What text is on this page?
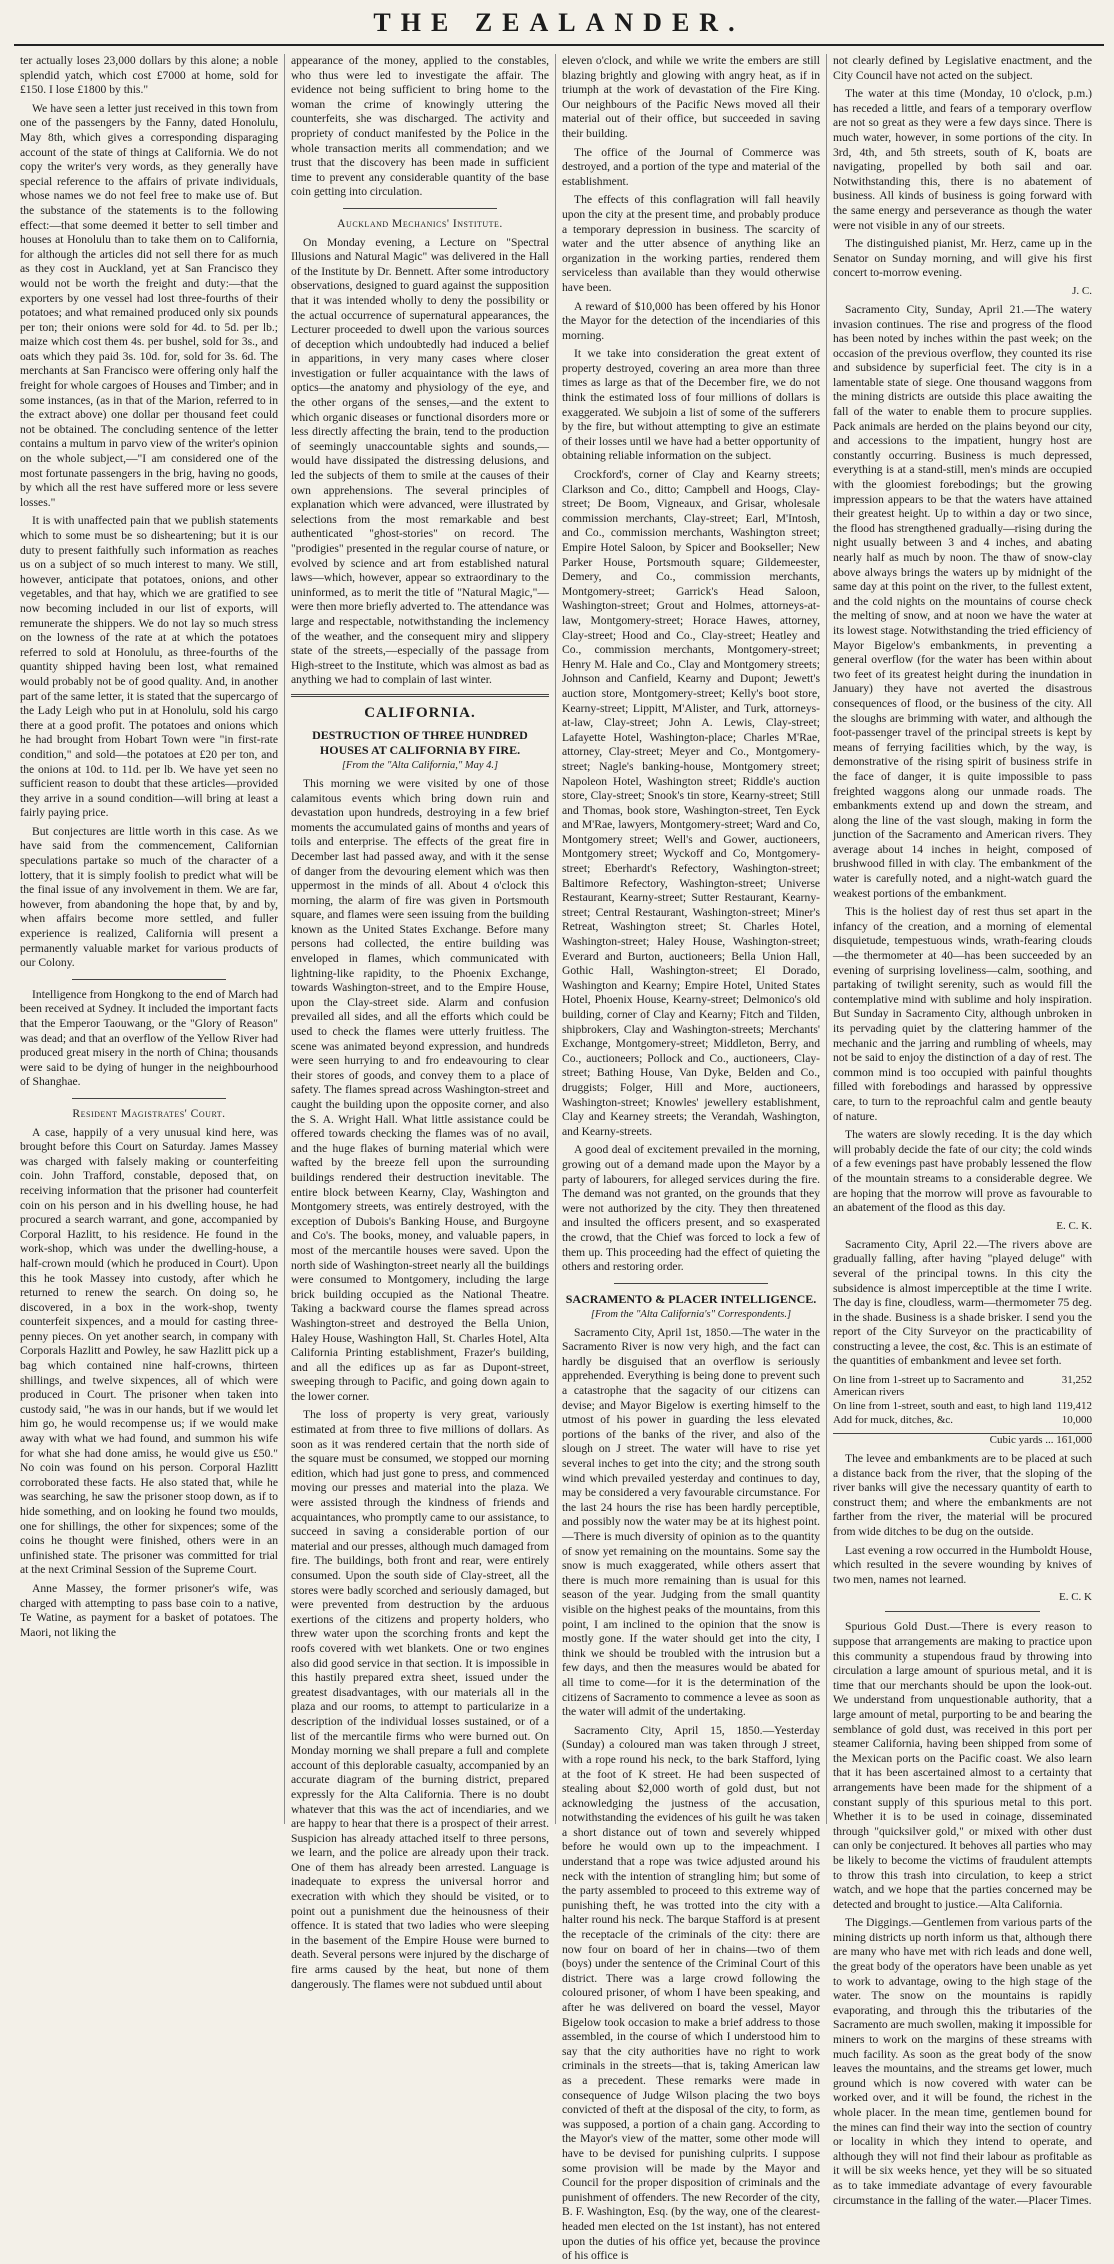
THE ZEALANDER.

ter actually loses 23,000 dollars by this alone; a noble splendid yatch, which cost £7000 at home, sold for £150. I lose £1800 by this."

We have seen a letter just received in this town from one of the passengers by the Fanny, dated Honolulu, May 8th, which gives a corresponding disparaging account of the state of things at California. We do not copy the writer's very words, as they generally have special reference to the affairs of private individuals, whose names we do not feel free to make use of. But the substance of the statements is to the following effect:—that some deemed it better to sell timber and houses at Honolulu than to take them on to California, for although the articles did not sell there for as much as they cost in Auckland, yet at San Francisco they would not be worth the freight and duty:—that the exporters by one vessel had lost three-fourths of their potatoes; and what remained produced only six pounds per ton; their onions were sold for 4d. to 5d. per lb.; maize which cost them 4s. per bushel, sold for 3s., and oats which they paid 3s. 10d. for, sold for 3s. 6d. The merchants at San Francisco were offering only half the freight for whole cargoes of Houses and Timber; and in some instances, (as in that of the Marion, referred to in the extract above) one dollar per thousand feet could not be obtained. The concluding sentence of the letter contains a multum in parvo view of the writer's opinion on the whole subject,—"I am considered one of the most fortunate passengers in the brig, having no goods, by which all the rest have suffered more or less severe losses."

It is with unaffected pain that we publish statements which to some must be so disheartening; but it is our duty to present faithfully such information as reaches us on a subject of so much interest to many. We still, however, anticipate that potatoes, onions, and other vegetables, and that hay, which we are gratified to see now becoming included in our list of exports, will remunerate the shippers. We do not lay so much stress on the lowness of the rate at at which the potatoes referred to sold at Honolulu, as three-fourths of the quantity shipped having been lost, what remained would probably not be of good quality. And, in another part of the same letter, it is stated that the supercargo of the Lady Leigh who put in at Honolulu, sold his cargo there at a good profit. The potatoes and onions which he had brought from Hobart Town were "in first-rate condition," and sold—the potatoes at £20 per ton, and the onions at 10d. to 11d. per lb. We have yet seen no sufficient reason to doubt that these articles—provided they arrive in a sound condition—will bring at least a fairly paying price.

But conjectures are little worth in this case. As we have said from the commencement, Californian speculations partake so much of the character of a lottery, that it is simply foolish to predict what will be the final issue of any involvement in them. We are far, however, from abandoning the hope that, by and by, when affairs become more settled, and fuller experience is realized, California will present a permanently valuable market for various products of our Colony.

Intelligence from Hongkong to the end of March had been received at Sydney. It included the important facts that the Emperor Taouwang, or the "Glory of Reason" was dead; and that an overflow of the Yellow River had produced great misery in the north of China; thousands were said to be dying of hunger in the neighbourhood of Shanghae.

Resident Magistrates' Court.

A case, happily of a very unusual kind here, was brought before this Court on Saturday. James Massey was charged with falsely making or counterfeiting coin. John Trafford, constable, deposed that, on receiving information that the prisoner had counterfeit coin on his person and in his dwelling house, he had procured a search warrant, and gone, accompanied by Corporal Hazlitt, to his residence. He found in the work-shop, which was under the dwelling-house, a half-crown mould (which he produced in Court). Upon this he took Massey into custody, after which he returned to renew the search. On doing so, he discovered, in a box in the work-shop, twenty counterfeit sixpences, and a mould for casting three-penny pieces. On yet another search, in company with Corporals Hazlitt and Powley, he saw Hazlitt pick up a bag which contained nine half-crowns, thirteen shillings, and twelve sixpences, all of which were produced in Court. The prisoner when taken into custody said, "he was in our hands, but if we would let him go, he would recompense us; if we would make away with what we had found, and summon his wife for what she had done amiss, he would give us £50." No coin was found on his person. Corporal Hazlitt corroborated these facts. He also stated that, while he was searching, he saw the prisoner stoop down, as if to hide something, and on looking he found two moulds, one for shillings, the other for sixpences; some of the coins he thought were finished, others were in an unfinished state. The prisoner was committed for trial at the next Criminal Session of the Supreme Court.

Anne Massey, the former prisoner's wife, was charged with attempting to pass base coin to a native, Te Watine, as payment for a basket of potatoes. The Maori, not liking the

appearance of the money, applied to the constables, who thus were led to investigate the affair. The evidence not being sufficient to bring home to the woman the crime of knowingly uttering the counterfeits, she was discharged. The activity and propriety of conduct manifested by the Police in the whole transaction merits all commendation; and we trust that the discovery has been made in sufficient time to prevent any considerable quantity of the base coin getting into circulation.

Auckland Mechanics' Institute.

On Monday evening, a Lecture on "Spectral Illusions and Natural Magic" was delivered in the Hall of the Institute by Dr. Bennett. After some introductory observations, designed to guard against the supposition that it was intended wholly to deny the possibility or the actual occurrence of supernatural appearances, the Lecturer proceeded to dwell upon the various sources of deception which undoubtedly had induced a belief in apparitions, in very many cases where closer investigation or fuller acquaintance with the laws of optics—the anatomy and physiology of the eye, and the other organs of the senses,—and the extent to which organic diseases or functional disorders more or less directly affecting the brain, tend to the production of seemingly unaccountable sights and sounds,—would have dissipated the distressing delusions, and led the subjects of them to smile at the causes of their own apprehensions. The several principles of explanation which were advanced, were illustrated by selections from the most remarkable and best authenticated "ghost-stories" on record. The "prodigies" presented in the regular course of nature, or evolved by science and art from established natural laws—which, however, appear so extraordinary to the uninformed, as to merit the title of "Natural Magic,"—were then more briefly adverted to. The attendance was large and respectable, notwithstanding the inclemency of the weather, and the consequent miry and slippery state of the streets,—especially of the passage from High-street to the Institute, which was almost as bad as anything we had to complain of last winter.

CALIFORNIA.
DESTRUCTION OF THREE HUNDRED HOUSES AT CALIFORNIA BY FIRE.
[From the "Alta California," May 4.]

This morning we were visited by one of those calamitous events which bring down ruin and devastation upon hundreds, destroying in a few brief moments the accumulated gains of months and years of toils and enterprise. The effects of the great fire in December last had passed away, and with it the sense of danger from the devouring element which was then uppermost in the minds of all. About 4 o'clock this morning, the alarm of fire was given in Portsmouth square, and flames were seen issuing from the building known as the United States Exchange. Before many persons had collected, the entire building was enveloped in flames, which communicated with lightning-like rapidity, to the Phoenix Exchange, towards Washington-street, and to the Empire House, upon the Clay-street side. Alarm and confusion prevailed all sides, and all the efforts which could be used to check the flames were utterly fruitless. The scene was animated beyond expression, and hundreds were seen hurrying to and fro endeavouring to clear their stores of goods, and convey them to a place of safety. The flames spread across Washington-street and caught the building upon the opposite corner, and also the S. A. Wright Hall. What little assistance could be offered towards checking the flames was of no avail, and the huge flakes of burning material which were wafted by the breeze fell upon the surrounding buildings rendered their destruction inevitable. The entire block between Kearny, Clay, Washington and Montgomery streets, was entirely destroyed, with the exception of Dubois's Banking House, and Burgoyne and Co's. The books, money, and valuable papers, in most of the mercantile houses were saved. Upon the north side of Washington-street nearly all the buildings were consumed to Montgomery, including the large brick building occupied as the National Theatre. Taking a backward course the flames spread across Washington-street and destroyed the Bella Union, Haley House, Washington Hall, St. Charles Hotel, Alta California Printing establishment, Frazer's building, and all the edifices up as far as Dupont-street, sweeping through to Pacific, and going down again to the lower corner.

The loss of property is very great, variously estimated at from three to five millions of dollars. As soon as it was rendered certain that the north side of the square must be consumed, we stopped our morning edition, which had just gone to press, and commenced moving our presses and material into the plaza. We were assisted through the kindness of friends and acquaintances, who promptly came to our assistance, to succeed in saving a considerable portion of our material and our presses, although much damaged from fire. The buildings, both front and rear, were entirely consumed. Upon the south side of Clay-street, all the stores were badly scorched and seriously damaged, but were prevented from destruction by the arduous exertions of the citizens and property holders, who threw water upon the scorching fronts and kept the roofs covered with wet blankets. One or two engines also did good service in that section. It is impossible in this hastily prepared extra sheet, issued under the greatest disadvantages, with our materials all in the plaza and our rooms, to attempt to particularize in a description of the individual losses sustained, or of a list of the mercantile firms who were burned out. On Monday morning we shall prepare a full and complete account of this deplorable casualty, accompanied by an accurate diagram of the burning district, prepared expressly for the Alta California. There is no doubt whatever that this was the act of incendiaries, and we are happy to hear that there is a prospect of their arrest. Suspicion has already attached itself to three persons, we learn, and the police are already upon their track. One of them has already been arrested. Language is inadequate to express the universal horror and execration with which they should be visited, or to point out a punishment due the heinousness of their offence. It is stated that two ladies who were sleeping in the basement of the Empire House were burned to death. Several persons were injured by the discharge of fire arms caused by the heat, but none of them dangerously. The flames were not subdued until about

eleven o'clock, and while we write the embers are still blazing brightly and glowing with angry heat, as if in triumph at the work of devastation of the Fire King. Our neighbours of the Pacific News moved all their material out of their office, but succeeded in saving their building.

The office of the Journal of Commerce was destroyed, and a portion of the type and material of the establishment.

The effects of this conflagration will fall heavily upon the city at the present time, and probably produce a temporary depression in business. The scarcity of water and the utter absence of anything like an organization in the working parties, rendered them serviceless than available than they would otherwise have been.

A reward of $10,000 has been offered by his Honor the Mayor for the detection of the incendiaries of this morning.

It we take into consideration the great extent of property destroyed, covering an area more than three times as large as that of the December fire, we do not think the estimated loss of four millions of dollars is exaggerated. We subjoin a list of some of the sufferers by the fire, but without attempting to give an estimate of their losses until we have had a better opportunity of obtaining reliable information on the subject.

Crockford's, corner of Clay and Kearny streets; Clarkson and Co., ditto; Campbell and Hoogs, Clay-street; De Boom, Vigneaux, and Grisar, wholesale commission merchants, Clay-street; Earl, M'Intosh, and Co., commission merchants, Washington street; Empire Hotel Saloon, by Spicer and Bookseller; New Parker House, Portsmouth square; Gildemeester, Demery, and Co., commission merchants, Montgomery-street; Garrick's Head Saloon, Washington-street; Grout and Holmes, attorneys-at-law, Montgomery-street; Horace Hawes, attorney, Clay-street; Hood and Co., Clay-street; Heatley and Co., commission merchants, Montgomery-street; Henry M. Hale and Co., Clay and Montgomery streets; Johnson and Canfield, Kearny and Dupont; Jewett's auction store, Montgomery-street; Kelly's boot store, Kearny-street; Lippitt, M'Alister, and Turk, attorneys-at-law, Clay-street; John A. Lewis, Clay-street; Lafayette Hotel, Washington-place; Charles M'Rae, attorney, Clay-street; Meyer and Co., Montgomery-street; Nagle's banking-house, Montgomery street; Napoleon Hotel, Washington street; Riddle's auction store, Clay-street; Snook's tin store, Kearny-street; Still and Thomas, book store, Washington-street, Ten Eyck and M'Rae, lawyers, Montgomery-street; Ward and Co, Montgomery street; Well's and Gower, auctioneers, Montgomery street; Wyckoff and Co, Montgomery-street; Eberhardt's Refectory, Washington-street; Baltimore Refectory, Washington-street; Universe Restaurant, Kearny-street; Sutter Restaurant, Kearny-street; Central Restaurant, Washington-street; Miner's Retreat, Washington street; St. Charles Hotel, Washington-street; Haley House, Washington-street; Everard and Burton, auctioneers; Bella Union Hall, Gothic Hall, Washington-street; El Dorado, Washington and Kearny; Empire Hotel, United States Hotel, Phoenix House, Kearny-street; Delmonico's old building, corner of Clay and Kearny; Fitch and Tilden, shipbrokers, Clay and Washington-streets; Merchants' Exchange, Montgomery-street; Middleton, Berry, and Co., auctioneers; Pollock and Co., auctioneers, Clay-street; Bathing House, Van Dyke, Belden and Co., druggists; Folger, Hill and More, auctioneers, Washington-street; Knowles' jewellery establishment, Clay and Kearney streets; the Verandah, Washington, and Kearny-streets.

A good deal of excitement prevailed in the morning, growing out of a demand made upon the Mayor by a party of labourers, for alleged services during the fire. The demand was not granted, on the grounds that they were not authorized by the city. They then threatened and insulted the officers present, and so exasperated the crowd, that the Chief was forced to lock a few of them up. This proceeding had the effect of quieting the others and restoring order.

SACRAMENTO & PLACER INTELLIGENCE.
[From the "Alta California's" Correspondents.]

Sacramento City, April 1st, 1850.—The water in the Sacramento River is now very high, and the fact can hardly be disguised that an overflow is seriously apprehended. Everything is being done to prevent such a catastrophe that the sagacity of our citizens can devise; and Mayor Bigelow is exerting himself to the utmost of his power in guarding the less elevated portions of the banks of the river, and also of the slough on J street. The water will have to rise yet several inches to get into the city; and the strong south wind which prevailed yesterday and continues to day, may be considered a very favourable circumstance. For the last 24 hours the rise has been hardly perceptible, and possibly now the water may be at its highest point.—There is much diversity of opinion as to the quantity of snow yet remaining on the mountains. Some say the snow is much exaggerated, while others assert that there is much more remaining than is usual for this season of the year. Judging from the small quantity visible on the highest peaks of the mountains, from this point, I am inclined to the opinion that the snow is mostly gone. If the water should get into the city, I think we should be troubled with the intrusion but a few days, and then the measures would be abated for all time to come—for it is the determination of the citizens of Sacramento to commence a levee as soon as the water will admit of the undertaking.

Sacramento City, April 15, 1850.—Yesterday (Sunday) a coloured man was taken through J street, with a rope round his neck, to the bark Stafford, lying at the foot of K street. He had been suspected of stealing about $2,000 worth of gold dust, but not acknowledging the justness of the accusation, notwithstanding the evidences of his guilt he was taken a short distance out of town and severely whipped before he would own up to the impeachment. I understand that a rope was twice adjusted around his neck with the intention of strangling him; but some of the party assembled to proceed to this extreme way of punishing theft, he was trotted into the city with a halter round his neck. The barque Stafford is at present the receptacle of the criminals of the city: there are now four on board of her in chains—two of them (boys) under the sentence of the Criminal Court of this district. There was a large crowd following the coloured prisoner, of whom I have been speaking, and after he was delivered on board the vessel, Mayor Bigelow took occasion to make a brief address to those assembled, in the course of which I understood him to say that the city authorities have no right to work criminals in the streets—that is, taking American law as a precedent. These remarks were made in consequence of Judge Wilson placing the two boys convicted of theft at the disposal of the city, to form, as was supposed, a portion of a chain gang. According to the Mayor's view of the matter, some other mode will have to be devised for punishing culprits. I suppose some provision will be made by the Mayor and Council for the proper disposition of criminals and the punishment of offenders. The new Recorder of the city, B. F. Washington, Esq. (by the way, one of the clearest-headed men elected on the 1st instant), has not entered upon the duties of his office yet, because the province of his office is

not clearly defined by Legislative enactment, and the City Council have not acted on the subject.

The water at this time (Monday, 10 o'clock, p.m.) has receded a little, and fears of a temporary overflow are not so great as they were a few days since. There is much water, however, in some portions of the city. In 3rd, 4th, and 5th streets, south of K, boats are navigating, propelled by both sail and oar. Notwithstanding this, there is no abatement of business. All kinds of business is going forward with the same energy and perseverance as though the water were not visible in any of our streets.

The distinguished pianist, Mr. Herz, came up in the Senator on Sunday morning, and will give his first concert to-morrow evening.

J. C.

Sacramento City, Sunday, April 21.—The watery invasion continues. The rise and progress of the flood has been noted by inches within the past week; on the occasion of the previous overflow, they counted its rise and subsidence by superficial feet. The city is in a lamentable state of siege. One thousand waggons from the mining districts are outside this place awaiting the fall of the water to enable them to procure supplies. Pack animals are herded on the plains beyond our city, and accessions to the impatient, hungry host are constantly occurring. Business is much depressed, everything is at a stand-still, men's minds are occupied with the gloomiest forebodings; but the growing impression appears to be that the waters have attained their greatest height. Up to within a day or two since, the flood has strengthened gradually—rising during the night usually between 3 and 4 inches, and abating nearly half as much by noon. The thaw of snow-clay above always brings the waters up by midnight of the same day at this point on the river, to the fullest extent, and the cold nights on the mountains of course check the melting of snow, and at noon we have the water at its lowest stage. Notwithstanding the tried efficiency of Mayor Bigelow's embankments, in preventing a general overflow (for the water has been within about two feet of its greatest height during the inundation in January) they have not averted the disastrous consequences of flood, or the business of the city. All the sloughs are brimming with water, and although the foot-passenger travel of the principal streets is kept by means of ferrying facilities which, by the way, is demonstrative of the rising spirit of business strife in the face of danger, it is quite impossible to pass freighted waggons along our unmade roads. The embankments extend up and down the stream, and along the line of the vast slough, making in form the junction of the Sacramento and American rivers. They average about 14 inches in height, composed of brushwood filled in with clay. The embankment of the water is carefully noted, and a night-watch guard the weakest portions of the embankment.

This is the holiest day of rest thus set apart in the infancy of the creation, and a morning of elemental disquietude, tempestuous winds, wrath-fearing clouds—the thermometer at 40—has been succeeded by an evening of surprising loveliness—calm, soothing, and partaking of twilight serenity, such as would fill the contemplative mind with sublime and holy inspiration. But Sunday in Sacramento City, although unbroken in its pervading quiet by the clattering hammer of the mechanic and the jarring and rumbling of wheels, may not be said to enjoy the distinction of a day of rest. The common mind is too occupied with painful thoughts filled with forebodings and harassed by oppressive care, to turn to the reproachful calm and gentle beauty of nature.

The waters are slowly receding. It is the day which will probably decide the fate of our city; the cold winds of a few evenings past have probably lessened the flow of the mountain streams to a considerable degree. We are hoping that the morrow will prove as favourable to an abatement of the flood as this day.

E. C. K.

Sacramento City, April 22.—The rivers above are gradually falling, after having "played deluge" with several of the principal towns. In this city the subsidence is almost imperceptible at the time I write. The day is fine, cloudless, warm—thermometer 75 deg. in the shade. Business is a shade brisker. I send you the report of the City Surveyor on the practicability of constructing a levee, the cost, &c. This is an estimate of the quantities of embankment and levee set forth.

On line from 1-street up to Sacramento and American rivers	31,252
On line from 1-street, south and east, to high land	119,412
Add for muck, ditches, &c.	10,000
Cubic yards ... 161,000

The levee and embankments are to be placed at such a distance back from the river, that the sloping of the river banks will give the necessary quantity of earth to construct them; and where the embankments are not farther from the river, the material will be procured from wide ditches to be dug on the outside.

Last evening a row occurred in the Humboldt House, which resulted in the severe wounding by knives of two men, names not learned.

E. C. K

Spurious Gold Dust.—There is every reason to suppose that arrangements are making to practice upon this community a stupendous fraud by throwing into circulation a large amount of spurious metal, and it is time that our merchants should be upon the look-out. We understand from unquestionable authority, that a large amount of metal, purporting to be and bearing the semblance of gold dust, was received in this port per steamer California, having been shipped from some of the Mexican ports on the Pacific coast. We also learn that it has been ascertained almost to a certainty that arrangements have been made for the shipment of a constant supply of this spurious metal to this port. Whether it is to be used in coinage, disseminated through "quicksilver gold," or mixed with other dust can only be conjectured. It behoves all parties who may be likely to become the victims of fraudulent attempts to throw this trash into circulation, to keep a strict watch, and we hope that the parties concerned may be detected and brought to justice.—Alta California.

The Diggings.—Gentlemen from various parts of the mining districts up north inform us that, although there are many who have met with rich leads and done well, the great body of the operators have been unable as yet to work to advantage, owing to the high stage of the water. The snow on the mountains is rapidly evaporating, and through this the tributaries of the Sacramento are much swollen, making it impossible for miners to work on the margins of these streams with much facility. As soon as the great body of the snow leaves the mountains, and the streams get lower, much ground which is now covered with water can be worked over, and it will be found, the richest in the whole placer. In the mean time, gentlemen bound for the mines can find their way into the section of country or locality in which they intend to operate, and although they will not find their labour as profitable as it will be six weeks hence, yet they will be so situated as to take immediate advantage of every favourable circumstance in the falling of the water.—Placer Times.
